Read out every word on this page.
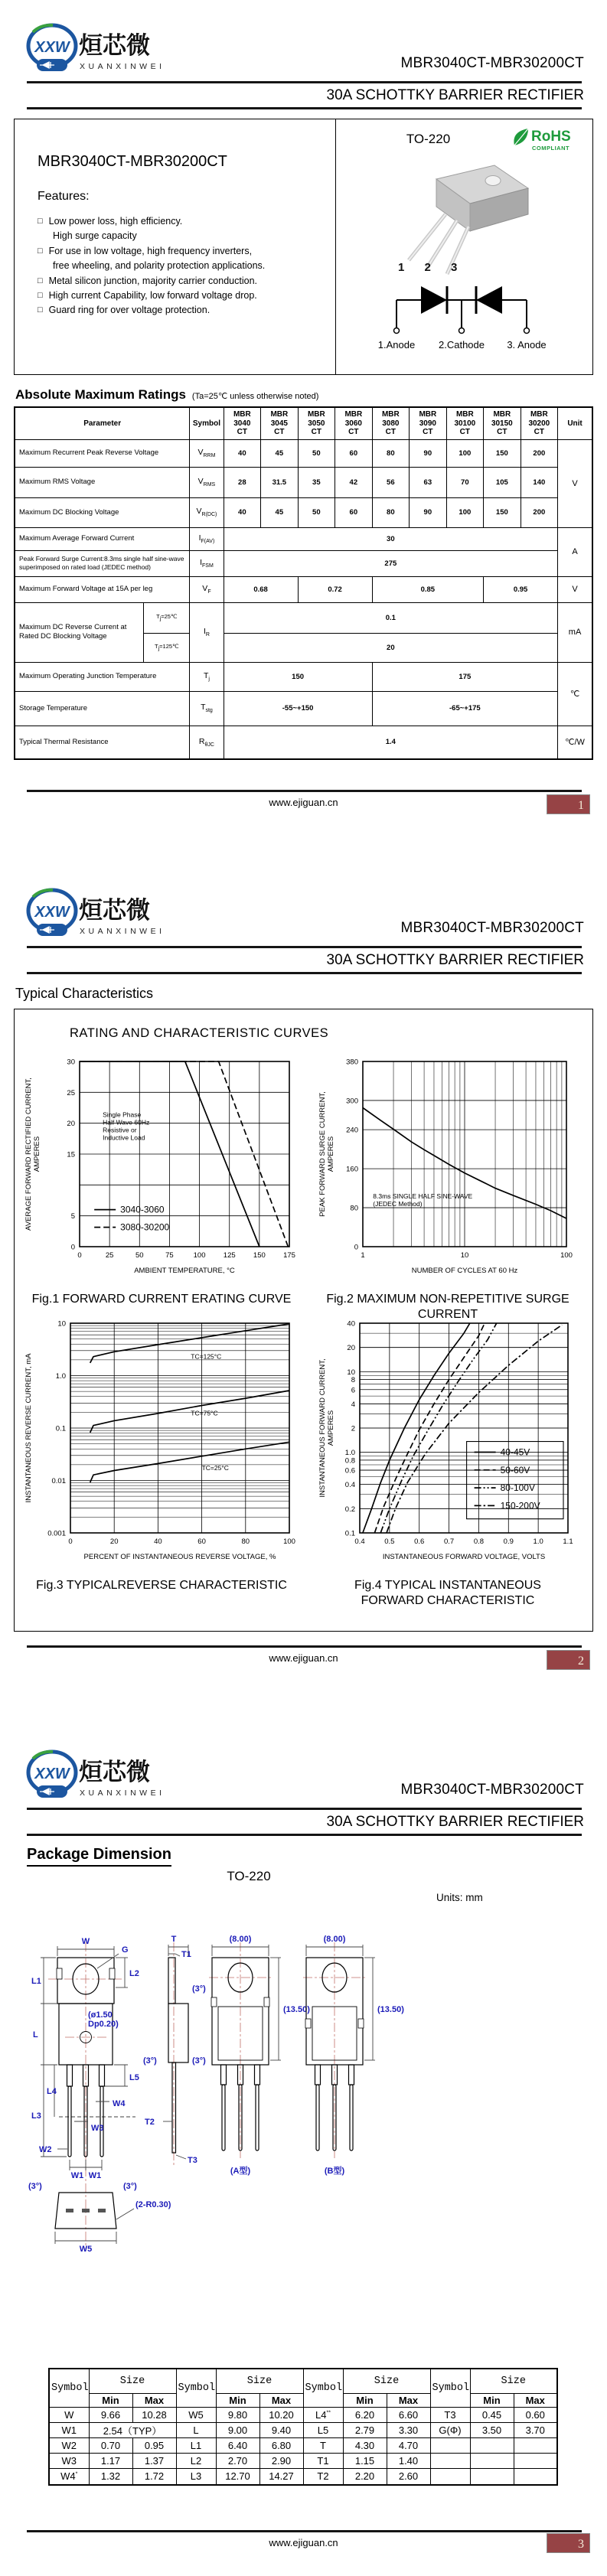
XXW 烜芯微
XUANXINWEI	MBR3040CT-MBR30200CT
30A SCHOTTKY BARRIER RECTIFIER
MBR3040CT-MBR30200CT
Features:
□ Low power loss, high efficiency.
High surge capacity
□ For use in low voltage, high frequency inverters,
free wheeling, and polarity protection applications.
□ Metal silicon junction, majority carrier conduction.
□ High current Capability, low forward voltage drop.
□ Guard ring for over voltage protection.
TO-220	RoHS
COMPLIANT
1 2 3
1.Anode 2.Cathode 3. Anode
Absolute Maximum Ratings (Ta=25℃ unless otherwise noted)
Parameter		Symbol	MBR
3040
CT	MBR
3045
CT	MBR
3050
CT	MBR
3060
CT	MBR
3080
CT	MBR
3090
CT	MBR
30100
CT	MBR
30150
CT	MBR
30200
CT	Unit
Maximum Recurrent Peak Reverse Voltage		$V_{RRM}$	40	45	50	60	80	90	100	150	200	V
Maximum RMS Voltage		$V_{RMS}$	28	31.5	35	42	56	63	70	105	140	
Maximum DC Blocking Voltage		$V_{R(DC)}$	40	45	50	60	80	90	100	150	200	
Maximum Average Forward Current		$I_{F(AV)}$	30									A
Peak Forward Surge Current:8.3ms single half sine-wave superimposed on rated load (JEDEC method)		$I_{FSM}$	275									
Maximum Forward Voltage at 15A per leg		$V_F$	0.68		0.72		0.85			0.95		V
Maximum DC Reverse Current at Rated DC Blocking Voltage	$T_j=25℃$	$I_R$	0.1									mA
	$T_j=125℃$		20									
Maximum Operating Junction Temperature		$T_j$	150				175					℃
Storage Temperature		$T_{stg}$	-55~+150				-65~+175					
Typical Thermal Resistance		$R_{\theta JC}$	1.4									℃/W
www.ejiguan.cn	1
XXW 烜芯微
XUANXINWEI	MBR3040CT-MBR30200CT
30A SCHOTTKY BARRIER RECTIFIER
Typical Characteristics
RATING AND CHARACTERISTIC CURVES
0	25	50	75	100 125 150 175
0
5
15
20
25
30
Single Phase
Half Wave 60Hz
Resistive or
Inductive Load
3040-3060
3080-30200
AMBIENT TEMPERATURE, °C
AVERAGE FORWARD RECTIFIED CURRENT, AMPERES
Fig.1 FORWARD CURRENT ERATING CURVE
1	10	100
0
80
160
240
300
380
8.3ms SINGLE HALF SINE-WAVE
(JEDEC Method)
NUMBER OF CYCLES AT 60 Hz
PEAK FORWARD SURGE CURRENT, AMPERES
Fig.2 MAXIMUM NON-REPETITIVE SURGE CURRENT
0	20	40	60	80	100
10
1.0
0.1
0.01
0.001
TC=125°C
TC=75°C
TC=25°C
PERCENT OF INSTANTANEOUS REVERSE VOLTAGE, %
INSTANTANEOUS REVERSE CURRENT, mA
Fig.3 TYPICALREVERSE CHARACTERISTIC
0.4	0.5	0.6	0.7	0.8	0.9	1.0	1.1
40
20
10
8
6
4
2
1.0
0.8
0.6
0.4
0.2
0.1
40-45V
50-60V
80-100V
150-200V
INSTANTANEOUS FORWARD VOLTAGE, VOLTS
INSTANTANEOUS FORWARD CURRENT, AMPERES
Fig.4 TYPICAL INSTANTANEOUS FORWARD CHARACTERISTIC
www.ejiguan.cn	2
XXW 烜芯微
XUANXINWEI	MBR3040CT-MBR30200CT
30A SCHOTTKY BARRIER RECTIFIER
Package Dimension
TO-220
Units: mm
W
G
L2
L1
L
L3
L4
L5
W4
W3
W2
W1 W1
(ø1.50
Dp0.20)
(3°)	(3°)
(2-R0.30)
W5
T
T1
(3°)
(3°)	(3°)
T2
T3
(8.00)
(13.50)
(A型)
(8.00)
(13.50)
(B型)
Symbol	Size		Symbol	Size		Symbol	Size		Symbol	Size	
	Min	Max		Min	Max		Min	Max		Min	Max
W	9.66	10.28	W5	9.80	10.20	L4**	6.20	6.60	T3	0.45	0.60
W1	2.54（TYP）		L	9.00	9.40	L5	2.79	3.30	G(Φ)	3.50	3.70
W2	0.70	0.95	L1	6.40	6.80	T	4.30	4.70			
W3	1.17	1.37	L2	2.70	2.90	T1	1.15	1.40			
W4*	1.32	1.72	L3	12.70	14.27	T2	2.20	2.60			
www.ejiguan.cn	3
